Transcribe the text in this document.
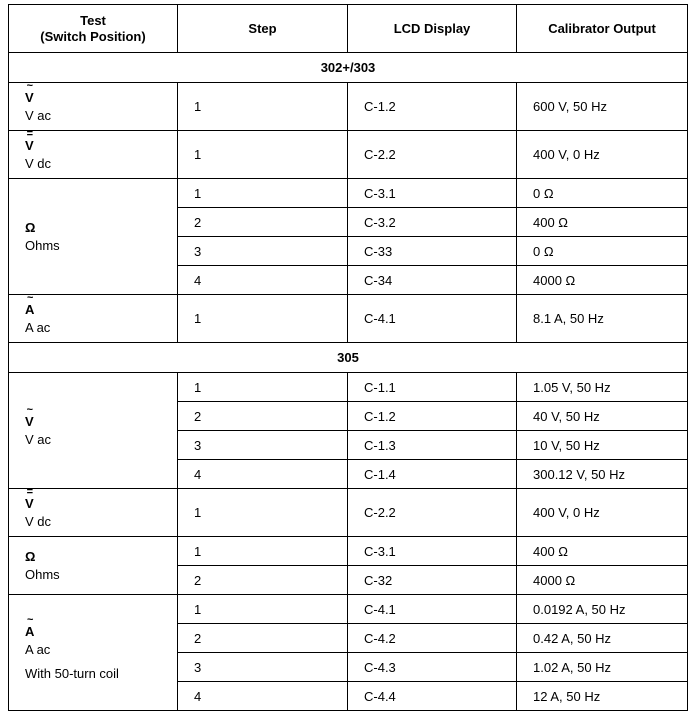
Test
(Switch Position)	Step	LCD Display	Calibrator Output
302+/303			

V
~
V ac	1	C-1.2	600 V, 50 Hz

V
=
V dc	1	C-2.2	400 V, 0 Hz

Ω
Ohms	1	C-3.1	0 Ω
	2	C-3.2	400 Ω
	3	C-33	0 Ω
	4	C-34	4000 Ω

A
~
A ac	1	C-4.1	8.1 A, 50 Hz
305			

V
~
V ac	1	C-1.1	1.05 V, 50 Hz
	2	C-1.2	40 V, 50 Hz
	3	C-1.3	10 V, 50 Hz
	4	C-1.4	300.12 V, 50 Hz

V
=
V dc	1	C-2.2	400 V, 0 Hz

Ω
Ohms	1	C-3.1	400 Ω
	2	C-32	4000 Ω

A
~
A ac
With 50-turn coil	1	C-4.1	0.0192 A, 50 Hz
	2	C-4.2	0.42 A, 50 Hz
	3	C-4.3	1.02 A, 50 Hz
	4	C-4.4	12 A, 50 Hz
